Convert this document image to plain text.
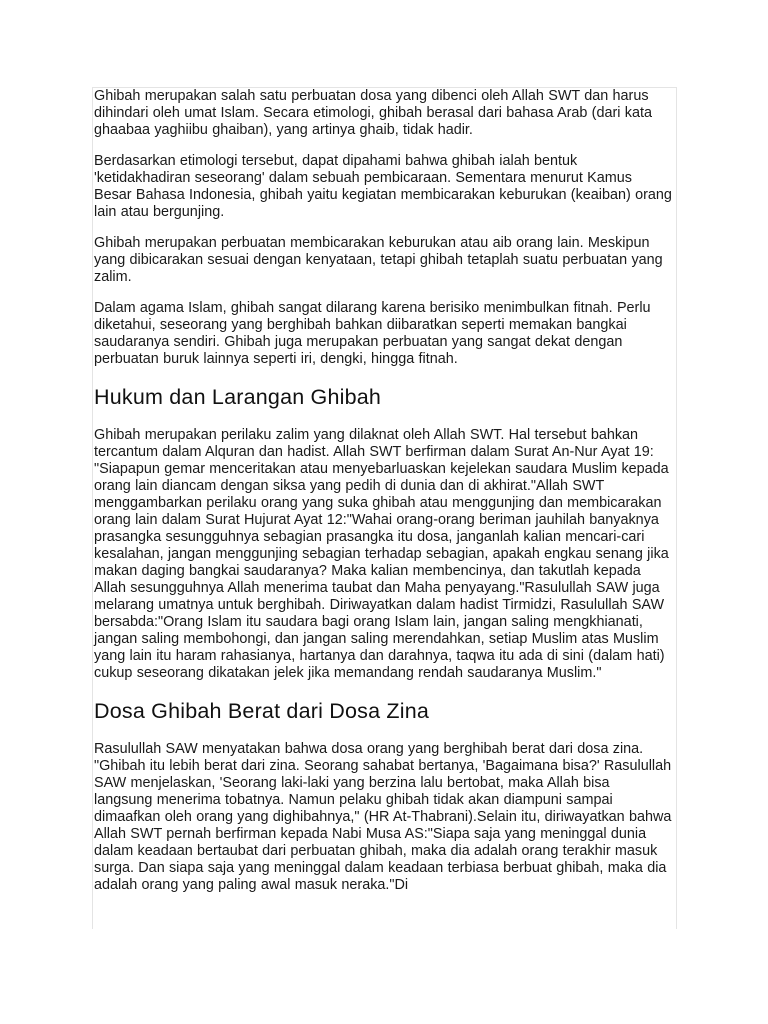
Ghibah merupakan salah satu perbuatan dosa yang dibenci oleh Allah SWT dan harus dihindari oleh umat Islam. Secara etimologi, ghibah berasal dari bahasa Arab (dari kata ghaabaa yaghiibu ghaiban), yang artinya ghaib, tidak hadir.

Berdasarkan etimologi tersebut, dapat dipahami bahwa ghibah ialah bentuk 'ketidakhadiran seseorang' dalam sebuah pembicaraan. Sementara menurut Kamus Besar Bahasa Indonesia, ghibah yaitu kegiatan membicarakan keburukan (keaiban) orang lain atau bergunjing.

Ghibah merupakan perbuatan membicarakan keburukan atau aib orang lain. Meskipun yang dibicarakan sesuai dengan kenyataan, tetapi ghibah tetaplah suatu perbuatan yang zalim.

Dalam agama Islam, ghibah sangat dilarang karena berisiko menimbulkan fitnah. Perlu diketahui, seseorang yang berghibah bahkan diibaratkan seperti memakan bangkai saudaranya sendiri. Ghibah juga merupakan perbuatan yang sangat dekat dengan perbuatan buruk lainnya seperti iri, dengki, hingga fitnah.

Hukum dan Larangan Ghibah

Ghibah merupakan perilaku zalim yang dilaknat oleh Allah SWT. Hal tersebut bahkan tercantum dalam Alquran dan hadist. Allah SWT berfirman dalam Surat An-Nur Ayat 19: "Siapapun gemar menceritakan atau menyebarluaskan kejelekan saudara Muslim kepada orang lain diancam dengan siksa yang pedih di dunia dan di akhirat."Allah SWT menggambarkan perilaku orang yang suka ghibah atau menggunjing dan membicarakan orang lain dalam Surat Hujurat Ayat 12:"Wahai orang-orang beriman jauhilah banyaknya prasangka sesungguhnya sebagian prasangka itu dosa, janganlah kalian mencari-cari kesalahan, jangan menggunjing sebagian terhadap sebagian, apakah engkau senang jika makan daging bangkai saudaranya? Maka kalian membencinya, dan takutlah kepada Allah sesungguhnya Allah menerima taubat dan Maha penyayang."Rasulullah SAW juga melarang umatnya untuk berghibah. Diriwayatkan dalam hadist Tirmidzi, Rasulullah SAW bersabda:"Orang Islam itu saudara bagi orang Islam lain, jangan saling mengkhianati, jangan saling membohongi, dan jangan saling merendahkan, setiap Muslim atas Muslim yang lain itu haram rahasianya, hartanya dan darahnya, taqwa itu ada di sini (dalam hati) cukup seseorang dikatakan jelek jika memandang rendah saudaranya Muslim."

Dosa Ghibah Berat dari Dosa Zina

Rasulullah SAW menyatakan bahwa dosa orang yang berghibah berat dari dosa zina. "Ghibah itu lebih berat dari zina. Seorang sahabat bertanya, 'Bagaimana bisa?' Rasulullah SAW menjelaskan, 'Seorang laki-laki yang berzina lalu bertobat, maka Allah bisa langsung menerima tobatnya. Namun pelaku ghibah tidak akan diampuni sampai dimaafkan oleh orang yang dighibahnya," (HR At-Thabrani).Selain itu, diriwayatkan bahwa Allah SWT pernah berfirman kepada Nabi Musa AS:"Siapa saja yang meninggal dunia dalam keadaan bertaubat dari perbuatan ghibah, maka dia adalah orang terakhir masuk surga. Dan siapa saja yang meninggal dalam keadaan terbiasa berbuat ghibah, maka dia adalah orang yang paling awal masuk neraka."Di
